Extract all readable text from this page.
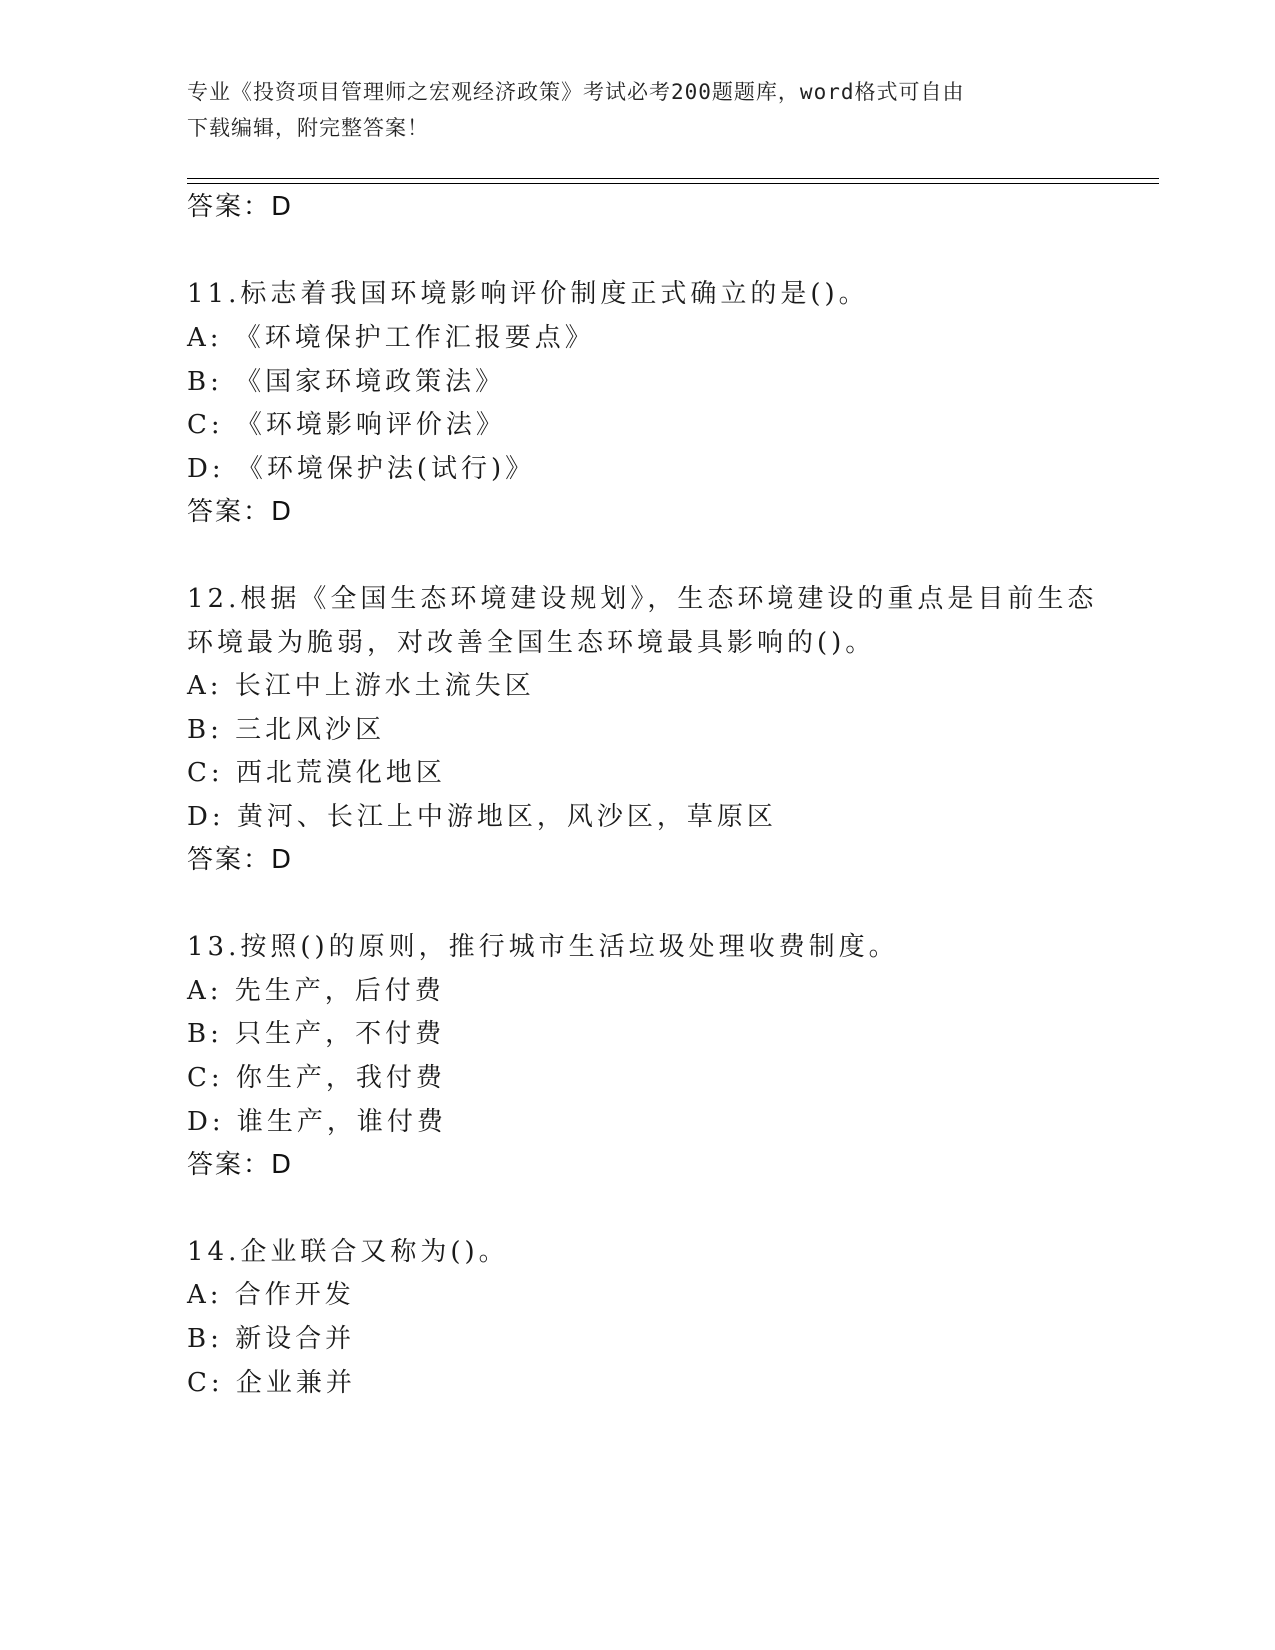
专业《投资项目管理师之宏观经济政策》考试必考200题题库，word格式可自由
下载编辑，附完整答案！
答案：D
11.标志着我国环境影响评价制度正式确立的是()。
A: 《环境保护工作汇报要点》
B: 《国家环境政策法》
C: 《环境影响评价法》
D: 《环境保护法(试行)》
答案：D
12.根据《全国生态环境建设规划》，生态环境建设的重点是目前生态
环境最为脆弱，对改善全国生态环境最具影响的()。
A: 长江中上游水土流失区
B: 三北风沙区
C: 西北荒漠化地区
D: 黄河、长江上中游地区，风沙区，草原区
答案：D
13.按照()的原则，推行城市生活垃圾处理收费制度。
A: 先生产，后付费
B: 只生产，不付费
C: 你生产，我付费
D: 谁生产，谁付费
答案：D
14.企业联合又称为()。
A: 合作开发
B: 新设合并
C: 企业兼并
